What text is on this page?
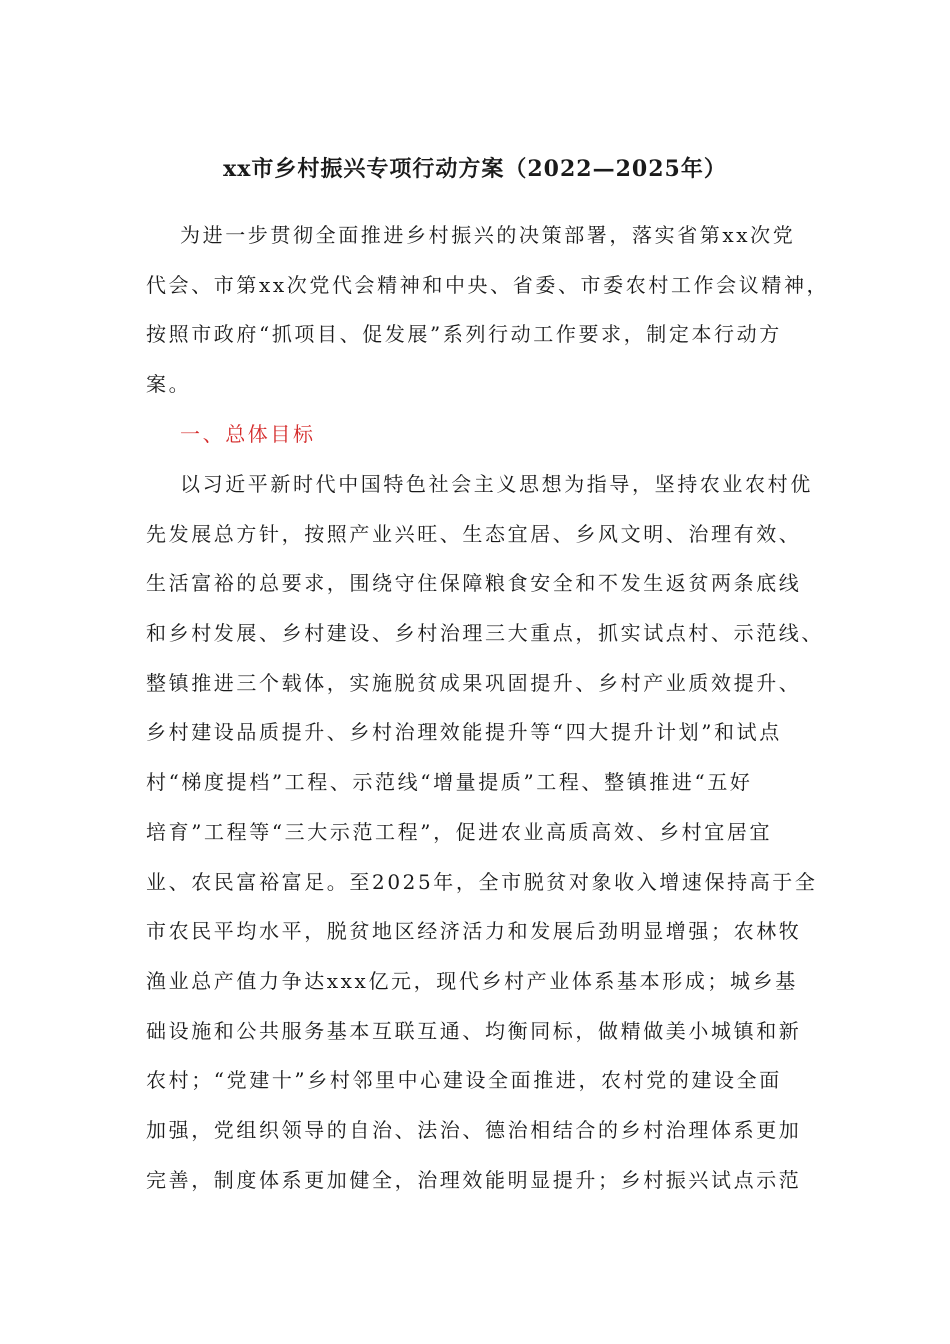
xx市乡村振兴专项行动方案（2022—2025年）
为进一步贯彻全面推进乡村振兴的决策部署，落实省第xx次党
代会、市第xx次党代会精神和中央、省委、市委农村工作会议精神，
按照市政府“抓项目、促发展”系列行动工作要求，制定本行动方
案。
一、总体目标
以习近平新时代中国特色社会主义思想为指导，坚持农业农村优
先发展总方针，按照产业兴旺、生态宜居、乡风文明、治理有效、
生活富裕的总要求，围绕守住保障粮食安全和不发生返贫两条底线
和乡村发展、乡村建设、乡村治理三大重点，抓实试点村、示范线、
整镇推进三个载体，实施脱贫成果巩固提升、乡村产业质效提升、
乡村建设品质提升、乡村治理效能提升等“四大提升计划”和试点
村“梯度提档”工程、示范线“增量提质”工程、整镇推进“五好
培育”工程等“三大示范工程”，促进农业高质高效、乡村宜居宜
业、农民富裕富足。至2025年，全市脱贫对象收入增速保持高于全
市农民平均水平，脱贫地区经济活力和发展后劲明显增强；农林牧
渔业总产值力争达xxx亿元，现代乡村产业体系基本形成；城乡基
础设施和公共服务基本互联互通、均衡同标，做精做美小城镇和新
农村；“党建十”乡村邻里中心建设全面推进，农村党的建设全面
加强，党组织领导的自治、法治、德治相结合的乡村治理体系更加
完善，制度体系更加健全，治理效能明显提升；乡村振兴试点示范
